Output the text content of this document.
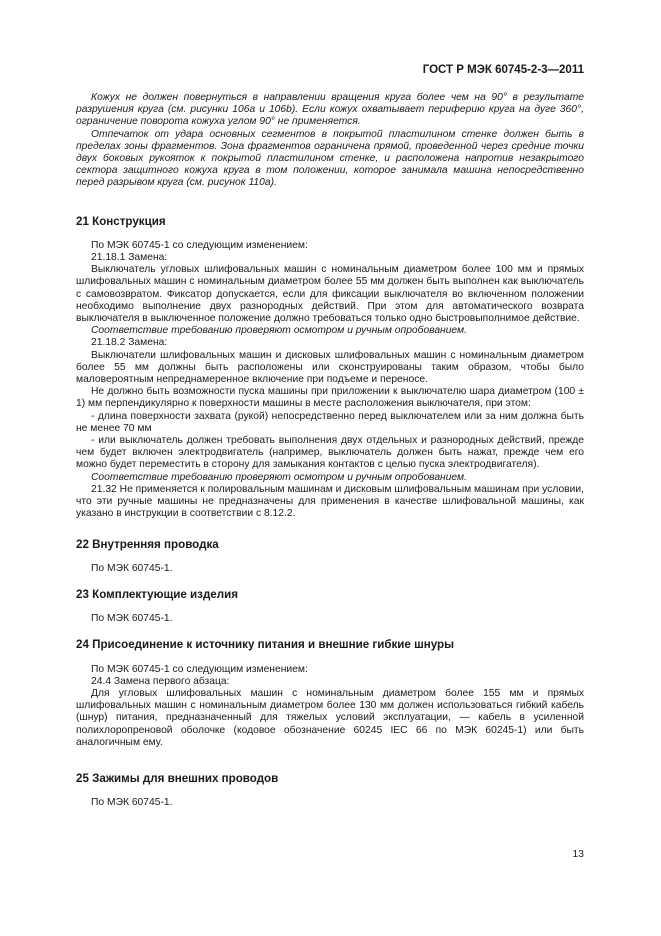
ГОСТ Р МЭК 60745-2-3—2011

Кожух не должен повернуться в направлении вращения круга более чем на 90° в результате разрушения круга (см. рисунки 106a и 106b). Если кожух охватывает периферию круга на дуге 360°, ограничение поворота кожуха углом 90° не применяется.

Отпечаток от удара основных сегментов в покрытой пластилином стенке должен быть в пределах зоны фрагментов. Зона фрагментов ограничена прямой, проведенной через средние точки двух боковых рукояток к покрытой пластилином стенке, и расположена напротив незакрытого сектора защитного кожуха круга в том положении, которое занимала машина непосредственно перед разрывом круга (см. рисунок 110a).

21 Конструкция

По МЭК 60745-1 со следующим изменением:

21.18.1 Замена:

Выключатель угловых шлифовальных машин с номинальным диаметром более 100 мм и прямых шлифовальных машин с номинальным диаметром более 55 мм должен быть выполнен как выключатель с самовозвратом. Фиксатор допускается, если для фиксации выключателя во включенном положении необходимо выполнение двух разнородных действий. При этом для автоматического возврата выключателя в выключенное положение должно требоваться только одно быстровыполнимое действие.

Соответствие требованию проверяют осмотром и ручным опробованием.

21.18.2 Замена:

Выключатели шлифовальных машин и дисковых шлифовальных машин с номинальным диаметром более 55 мм должны быть расположены или сконструированы таким образом, чтобы было маловероятным непреднамеренное включение при подъеме и переносе.

Не должно быть возможности пуска машины при приложении к выключателю шара диаметром (100 ± 1) мм перпендикулярно к поверхности машины в месте расположения выключателя, при этом:

- длина поверхности захвата (рукой) непосредственно перед выключателем или за ним должна быть не менее 70 мм

- или выключатель должен требовать выполнения двух отдельных и разнородных действий, прежде чем будет включен электродвигатель (например, выключатель должен быть нажат, прежде чем его можно будет переместить в сторону для замыкания контактов с целью пуска электродвигателя).

Соответствие требованию проверяют осмотром и ручным опробованием.

21.32 Не применяется к полировальным машинам и дисковым шлифовальным машинам при условии, что эти ручные машины не предназначены для применения в качестве шлифовальной машины, как указано в инструкции в соответствии с 8.12.2.

22 Внутренняя проводка

По МЭК 60745-1.

23 Комплектующие изделия

По МЭК 60745-1.

24 Присоединение к источнику питания и внешние гибкие шнуры

По МЭК 60745-1 со следующим изменением:

24.4 Замена первого абзаца:

Для угловых шлифовальных машин с номинальным диаметром более 155 мм и прямых шлифовальных машин с номинальным диаметром более 130 мм должен использоваться гибкий кабель (шнур) питания, предназначенный для тяжелых условий эксплуатации, — кабель в усиленной полихлоропреновой оболочке (кодовое обозначение 60245 IEC 66 по МЭК 60245-1) или быть аналогичным ему.

25 Зажимы для внешних проводов

По МЭК 60745-1.

13
